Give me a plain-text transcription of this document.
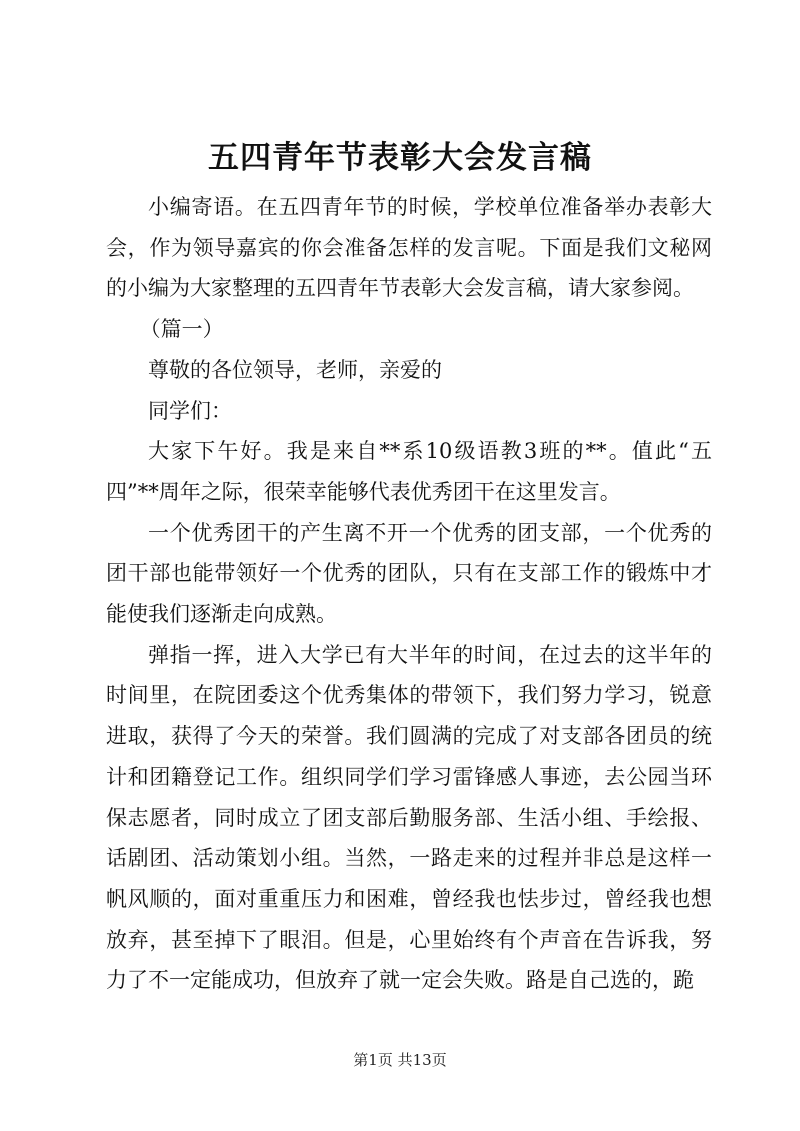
五四青年节表彰大会发言稿

小编寄语。在五四青年节的时候，学校单位准备举办表彰大会，作为领导嘉宾的你会准备怎样的发言呢。下面是我们文秘网的小编为大家整理的五四青年节表彰大会发言稿，请大家参阅。

（篇一）

尊敬的各位领导，老师，亲爱的

同学们：

大家下午好。我是来自**系10级语教3班的**。值此“五四”**周年之际，很荣幸能够代表优秀团干在这里发言。

一个优秀团干的产生离不开一个优秀的团支部，一个优秀的团干部也能带领好一个优秀的团队，只有在支部工作的锻炼中才能使我们逐渐走向成熟。

弹指一挥，进入大学已有大半年的时间，在过去的这半年的时间里，在院团委这个优秀集体的带领下，我们努力学习，锐意进取，获得了今天的荣誉。我们圆满的完成了对支部各团员的统计和团籍登记工作。组织同学们学习雷锋感人事迹，去公园当环保志愿者，同时成立了团支部后勤服务部、生活小组、手绘报、话剧团、活动策划小组。当然，一路走来的过程并非总是这样一帆风顺的，面对重重压力和困难，曾经我也怯步过，曾经我也想放弃，甚至掉下了眼泪。但是，心里始终有个声音在告诉我，努力了不一定能成功，但放弃了就一定会失败。路是自己选的，跪

第1页 共13页
